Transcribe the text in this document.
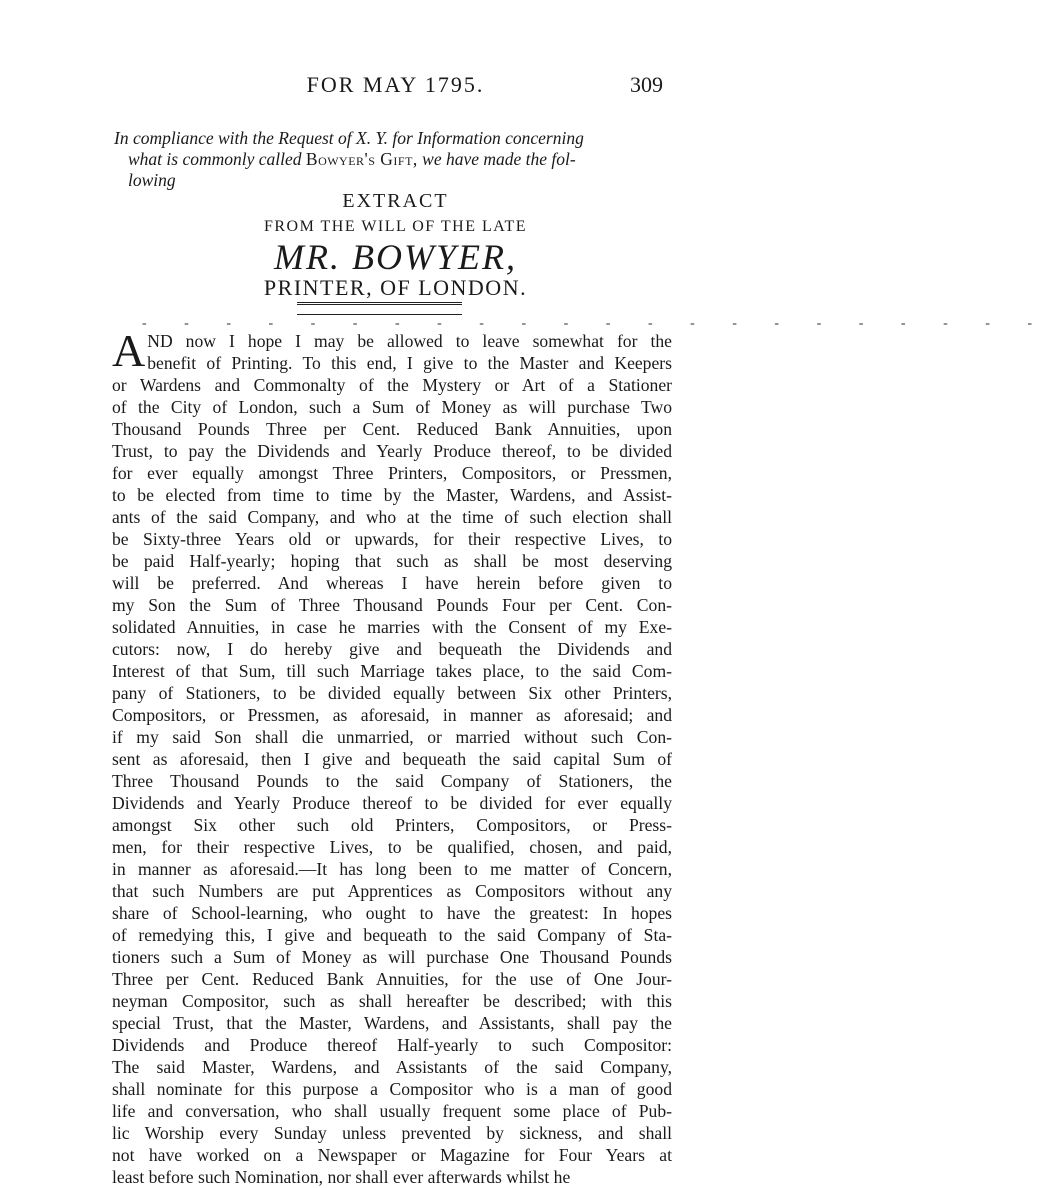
FOR MAY 1795.	309
In compliance with the Request of X. Y. for Information concerning
what is commonly called Bowyer's Gift, we have made the fol-
lowing
EXTRACT
FROM THE WILL OF THE LATE
MR. BOWYER,
PRINTER, OF LONDON.
- - - - - - - - - - - - - - - - - - - - - -
A ND now I hope I may be allowed to leave somewhat for the
benefit of Printing. To this end, I give to the Master and Keepers
or Wardens and Commonalty of the Mystery or Art of a Stationer
of the City of London, such a Sum of Money as will purchase Two
Thousand Pounds Three per Cent. Reduced Bank Annuities, upon
Trust, to pay the Dividends and Yearly Produce thereof, to be divided
for ever equally amongst Three Printers, Compositors, or Pressmen,
to be elected from time to time by the Master, Wardens, and Assist-
ants of the said Company, and who at the time of such election shall
be Sixty-three Years old or upwards, for their respective Lives, to
be paid Half-yearly; hoping that such as shall be most deserving
will be preferred. And whereas I have herein before given to
my Son the Sum of Three Thousand Pounds Four per Cent. Con-
solidated Annuities, in case he marries with the Consent of my Exe-
cutors: now, I do hereby give and bequeath the Dividends and
Interest of that Sum, till such Marriage takes place, to the said Com-
pany of Stationers, to be divided equally between Six other Printers,
Compositors, or Pressmen, as aforesaid, in manner as aforesaid; and
if my said Son shall die unmarried, or married without such Con-
sent as aforesaid, then I give and bequeath the said capital Sum of
Three Thousand Pounds to the said Company of Stationers, the
Dividends and Yearly Produce thereof to be divided for ever equally
amongst Six other such old Printers, Compositors, or Press-
men, for their respective Lives, to be qualified, chosen, and paid,
in manner as aforesaid.—It has long been to me matter of Concern,
that such Numbers are put Apprentices as Compositors without any
share of School-learning, who ought to have the greatest: In hopes
of remedying this, I give and bequeath to the said Company of Sta-
tioners such a Sum of Money as will purchase One Thousand Pounds
Three per Cent. Reduced Bank Annuities, for the use of One Jour-
neyman Compositor, such as shall hereafter be described; with this
special Trust, that the Master, Wardens, and Assistants, shall pay the
Dividends and Produce thereof Half-yearly to such Compositor:
The said Master, Wardens, and Assistants of the said Company,
shall nominate for this purpose a Compositor who is a man of good
life and conversation, who shall usually frequent some place of Pub-
lic Worship every Sunday unless prevented by sickness, and shall
not have worked on a Newspaper or Magazine for Four Years at
least before such Nomination, nor shall ever afterwards whilst he
